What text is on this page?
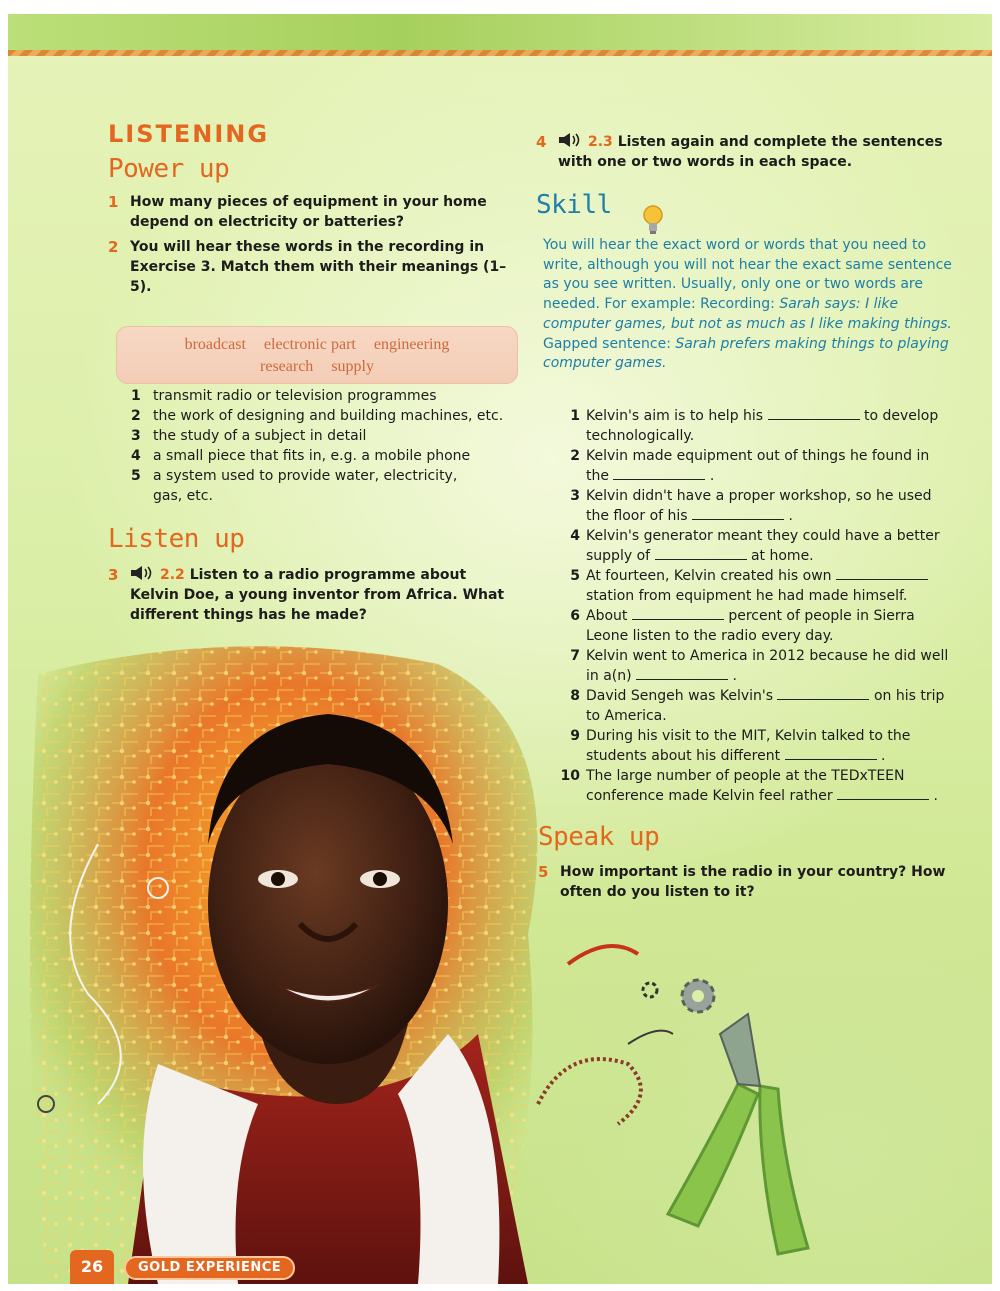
LISTENING
Power up
1 How many pieces of equipment in your home depend on electricity or batteries?
2 You will hear these words in the recording in Exercise 3. Match them with their meanings (1–5).
broadcast electronic part engineering
research supply
1 transmit radio or television programmes
2 the work of designing and building machines, etc.
3 the study of a subject in detail
4 a small piece that fits in, e.g. a mobile phone
5 a system used to provide water, electricity, gas, etc.
Listen up
3	2.2 Listen to a radio programme about Kelvin Doe, a young inventor from Africa. What different things has he made?
4	2.3 Listen again and complete the sentences with one or two words in each space.
Skill

You will hear the exact word or words that you need to write, although you will not hear the exact same sentence as you see written. Usually, only one or two words are needed. For example: Recording: Sarah says: I like computer games, but not as much as I like making things.

Gapped sentence: Sarah prefers making things to playing computer games.

1 Kelvin's aim is to help his	to develop technologically.
2 Kelvin made equipment out of things he found in the	.
3 Kelvin didn't have a proper workshop, so he used the floor of his	.
4 Kelvin's generator meant they could have a better supply of	at home.
5 At fourteen, Kelvin created his own  station from equipment he had made himself.
6 About	percent of people in Sierra Leone listen to the radio every day.
7 Kelvin went to America in 2012 because he did well in a(n)	.
8 David Sengeh was Kelvin's	on his trip to America.
9 During his visit to the MIT, Kelvin talked to the students about his different	.
10 The large number of people at the TEDxTEEN conference made Kelvin feel rather	.
Speak up
5 How important is the radio in your country? How often do you listen to it?
26	GOLD EXPERIENCE
